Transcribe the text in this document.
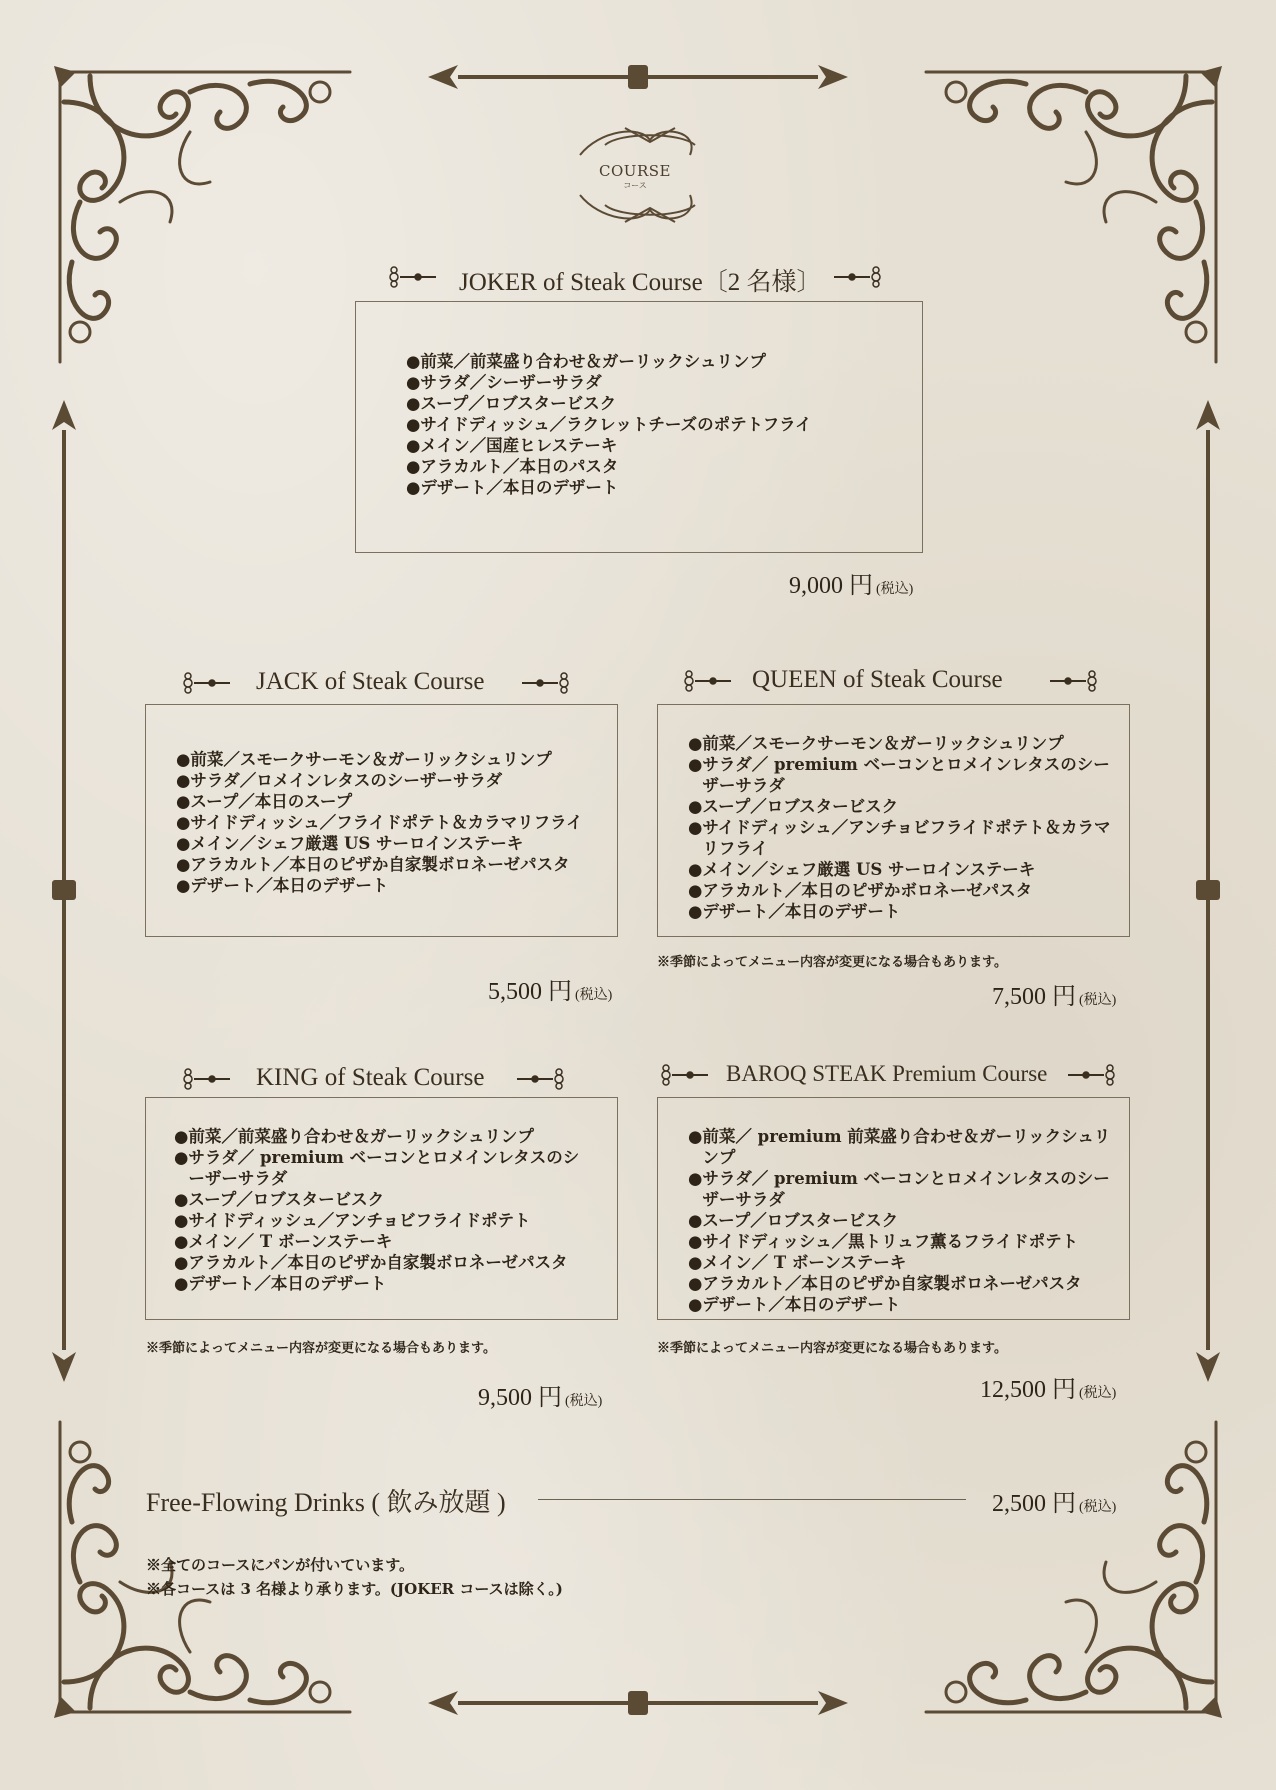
COURSE
コース
JOKER of Steak Course〔2 名様〕
● 前菜／前菜盛り合わせ＆ガーリックシュリンプ
● サラダ／シーザーサラダ
● スープ／ロブスタービスク
● サイドディッシュ／ラクレットチーズのポテトフライ
● メイン／国産ヒレステーキ
● アラカルト／本日のパスタ
● デザート／本日のデザート
9,000 円 (税込)
JACK of Steak Course
● 前菜／スモークサーモン＆ガーリックシュリンプ
● サラダ／ロメインレタスのシーザーサラダ
● スープ／本日のスープ
● サイドディッシュ／フライドポテト＆カラマリフライ
● メイン／シェフ厳選 US サーロインステーキ
● アラカルト／本日のピザか自家製ボロネーゼパスタ
● デザート／本日のデザート
5,500 円 (税込)
QUEEN of Steak Course
● 前菜／スモークサーモン＆ガーリックシュリンプ
● サラダ／ premium ベーコンとロメインレタスのシーザーサラダ
● スープ／ロブスタービスク
● サイドディッシュ／アンチョビフライドポテト＆カラマリフライ
● メイン／シェフ厳選 US サーロインステーキ
● アラカルト／本日のピザかボロネーゼパスタ
● デザート／本日のデザート
※季節によってメニュー内容が変更になる場合もあります。
7,500 円 (税込)
KING of Steak Course
● 前菜／前菜盛り合わせ＆ガーリックシュリンプ
● サラダ／ premium ベーコンとロメインレタスのシーザーサラダ
● スープ／ロブスタービスク
● サイドディッシュ／アンチョビフライドポテト
● メイン／ T ボーンステーキ
● アラカルト／本日のピザか自家製ボロネーゼパスタ
● デザート／本日のデザート
※季節によってメニュー内容が変更になる場合もあります。
9,500 円 (税込)
BAROQ STEAK Premium Course
● 前菜／ premium 前菜盛り合わせ＆ガーリックシュリンプ
● サラダ／ premium ベーコンとロメインレタスのシーザーサラダ
● スープ／ロブスタービスク
● サイドディッシュ／黒トリュフ薫るフライドポテト
● メイン／ T ボーンステーキ
● アラカルト／本日のピザか自家製ボロネーゼパスタ
● デザート／本日のデザート
※季節によってメニュー内容が変更になる場合もあります。
12,500 円 (税込)
Free-Flowing Drinks ( 飲み放題 )	2,500 円 (税込)
※全てのコースにパンが付いています。
※各コースは 3 名様より承ります。(JOKER コースは除く。)
